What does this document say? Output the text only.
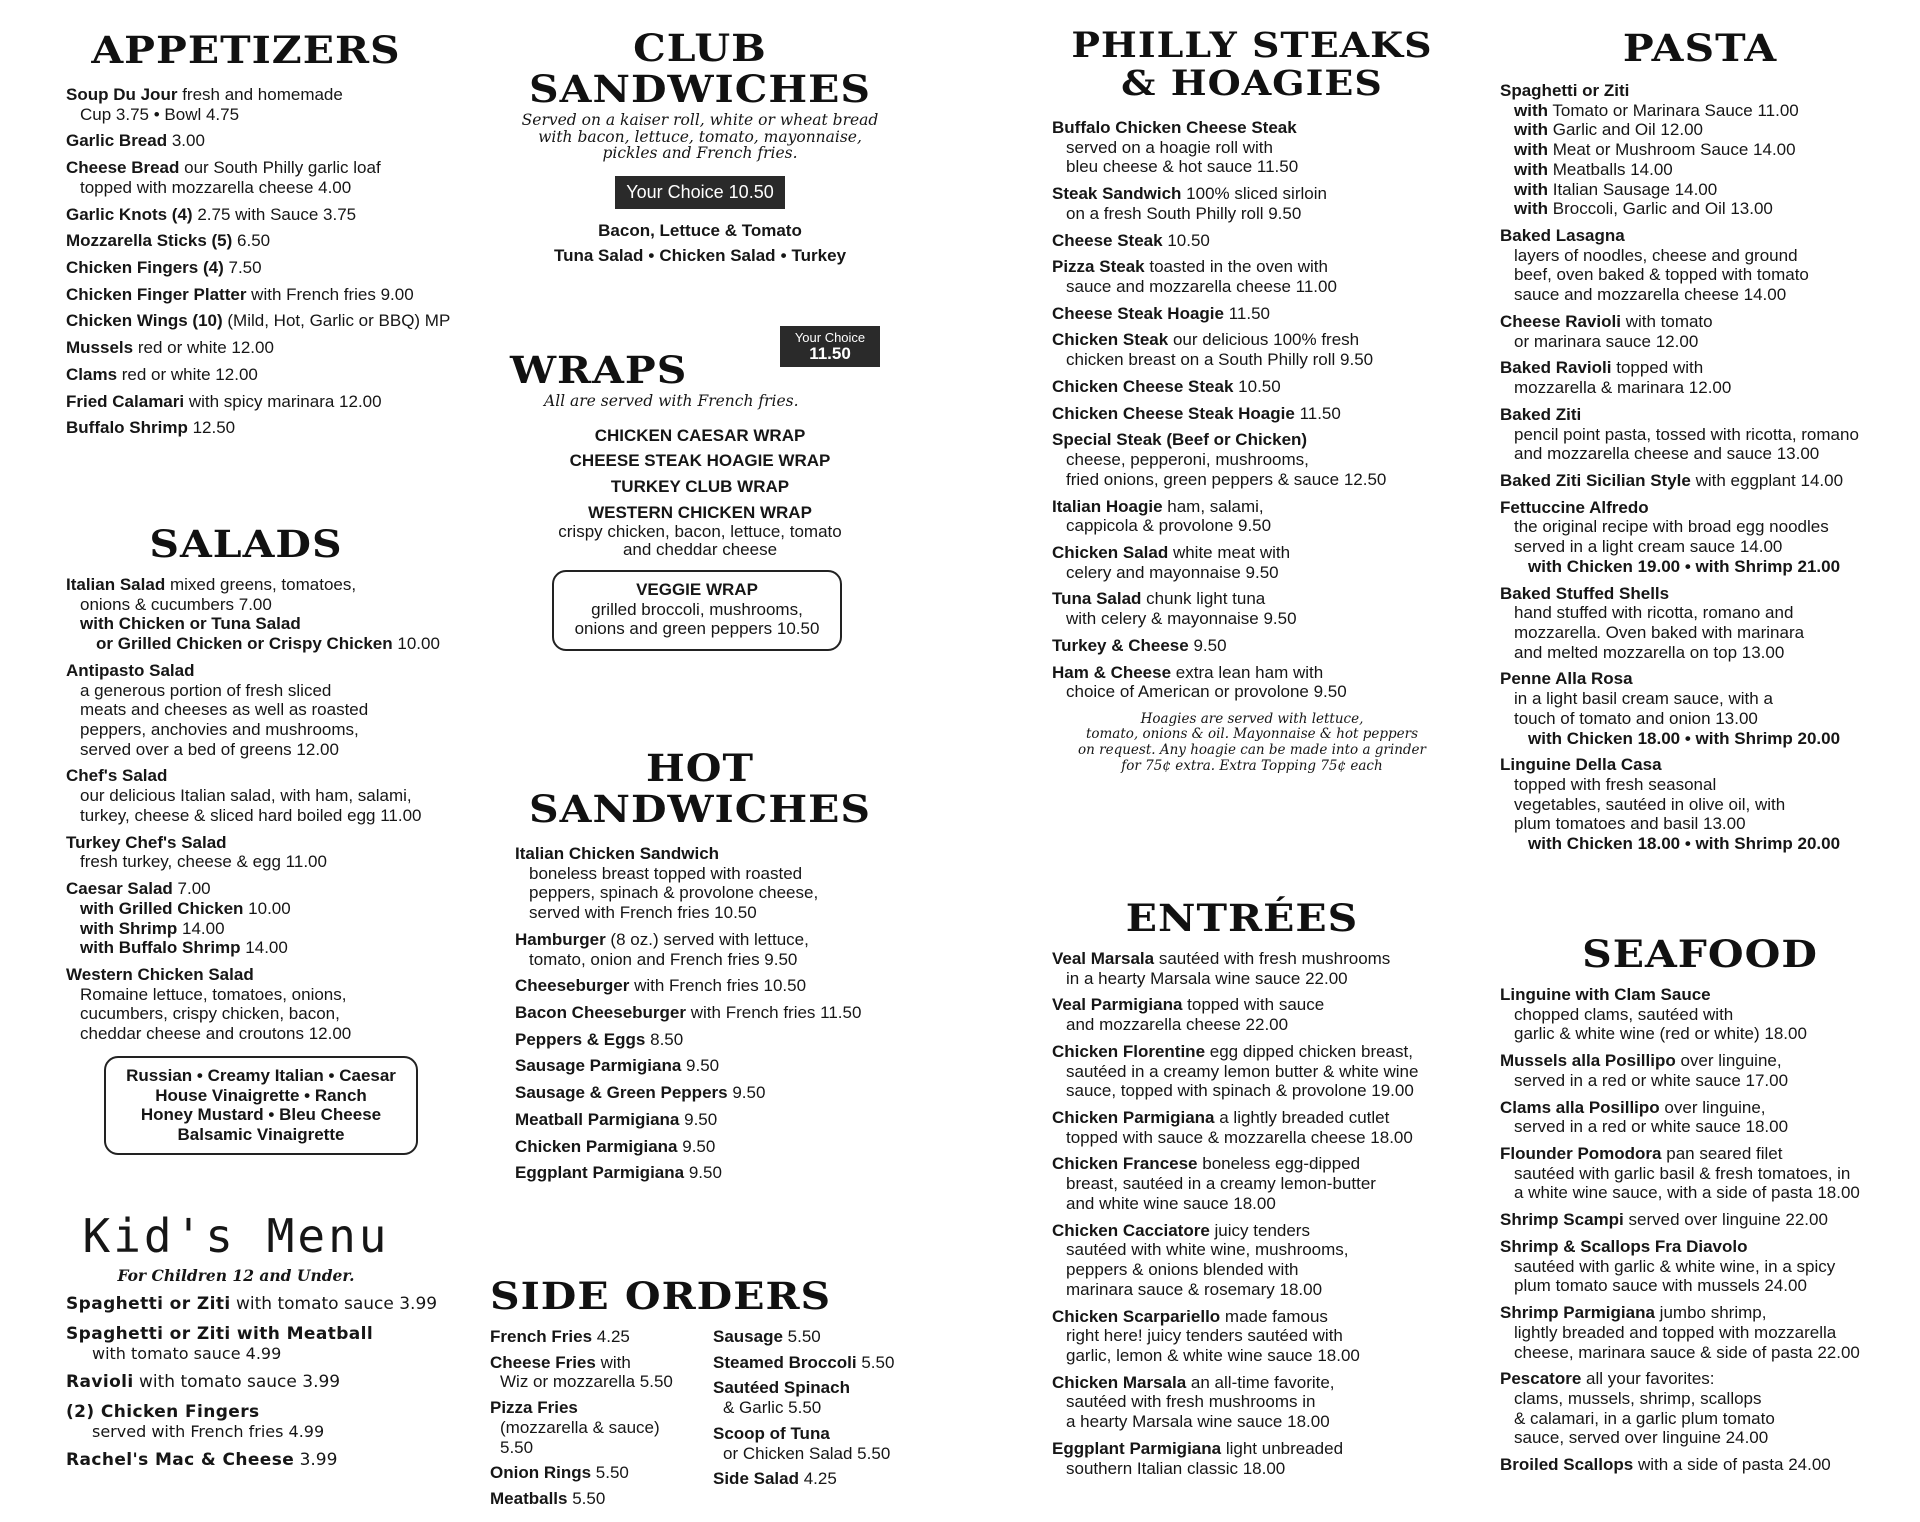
APPETIZERS
Soup Du Jour fresh and homemade
Cup 3.75 • Bowl 4.75
Garlic Bread 3.00
Cheese Bread our South Philly garlic loaf
topped with mozzarella cheese 4.00
Garlic Knots (4) 2.75 with Sauce 3.75
Mozzarella Sticks (5) 6.50
Chicken Fingers (4) 7.50
Chicken Finger Platter with French fries 9.00
Chicken Wings (10) (Mild, Hot, Garlic or BBQ) MP
Mussels red or white 12.00
Clams red or white 12.00
Fried Calamari with spicy marinara 12.00
Buffalo Shrimp 12.50
SALADS
Italian Salad mixed greens, tomatoes,
onions & cucumbers 7.00
with Chicken or Tuna Salad
or Grilled Chicken or Crispy Chicken 10.00
Antipasto Salad
a generous portion of fresh sliced
meats and cheeses as well as roasted
peppers, anchovies and mushrooms,
served over a bed of greens 12.00
Chef's Salad
our delicious Italian salad, with ham, salami,
turkey, cheese & sliced hard boiled egg 11.00
Turkey Chef's Salad
fresh turkey, cheese & egg 11.00
Caesar Salad 7.00
with Grilled Chicken 10.00
with Shrimp 14.00
with Buffalo Shrimp 14.00
Western Chicken Salad
Romaine lettuce, tomatoes, onions,
cucumbers, crispy chicken, bacon,
cheddar cheese and croutons 12.00
Russian • Creamy Italian • Caesar
House Vinaigrette • Ranch
Honey Mustard • Bleu Cheese
Balsamic Vinaigrette
Kid's Menu
For Children 12 and Under.
Spaghetti or Ziti with tomato sauce 3.99
Spaghetti or Ziti with Meatball
with tomato sauce 4.99
Ravioli with tomato sauce 3.99
(2) Chicken Fingers
served with French fries 4.99
Rachel's Mac & Cheese 3.99
CLUB
SANDWICHES
Served on a kaiser roll, white or wheat bread
with bacon, lettuce, tomato, mayonnaise,
pickles and French fries.
Your Choice 10.50
Bacon, Lettuce & Tomato
Tuna Salad • Chicken Salad • Turkey
WRAPS
Your Choice
11.50
All are served with French fries.
CHICKEN CAESAR WRAP
CHEESE STEAK HOAGIE WRAP
TURKEY CLUB WRAP
WESTERN CHICKEN WRAP
crispy chicken, bacon, lettuce, tomato
and cheddar cheese
VEGGIE WRAP
grilled broccoli, mushrooms,
onions and green peppers 10.50
HOT
SANDWICHES
Italian Chicken Sandwich
boneless breast topped with roasted
peppers, spinach & provolone cheese,
served with French fries 10.50
Hamburger (8 oz.) served with lettuce,
tomato, onion and French fries 9.50
Cheeseburger with French fries 10.50
Bacon Cheeseburger with French fries 11.50
Peppers & Eggs 8.50
Sausage Parmigiana 9.50
Sausage & Green Peppers 9.50
Meatball Parmigiana 9.50
Chicken Parmigiana 9.50
Eggplant Parmigiana 9.50
SIDE ORDERS
French Fries 4.25
Cheese Fries with
Wiz or mozzarella 5.50
Pizza Fries
(mozzarella & sauce) 5.50
Onion Rings 5.50
Meatballs 5.50
Sausage 5.50
Steamed Broccoli 5.50
Sautéed Spinach
& Garlic 5.50
Scoop of Tuna
or Chicken Salad 5.50
Side Salad 4.25
PHILLY STEAKS
& HOAGIES
Buffalo Chicken Cheese Steak
served on a hoagie roll with
bleu cheese & hot sauce 11.50
Steak Sandwich 100% sliced sirloin
on a fresh South Philly roll 9.50
Cheese Steak 10.50
Pizza Steak toasted in the oven with
sauce and mozzarella cheese 11.00
Cheese Steak Hoagie 11.50
Chicken Steak our delicious 100% fresh
chicken breast on a South Philly roll 9.50
Chicken Cheese Steak 10.50
Chicken Cheese Steak Hoagie 11.50
Special Steak (Beef or Chicken)
cheese, pepperoni, mushrooms,
fried onions, green peppers & sauce 12.50
Italian Hoagie ham, salami,
cappicola & provolone 9.50
Chicken Salad white meat with
celery and mayonnaise 9.50
Tuna Salad chunk light tuna
with celery & mayonnaise 9.50
Turkey & Cheese 9.50
Ham & Cheese extra lean ham with
choice of American or provolone 9.50
Hoagies are served with lettuce,
tomato, onions & oil. Mayonnaise & hot peppers
on request. Any hoagie can be made into a grinder
for 75¢ extra. Extra Topping 75¢ each
ENTRÉES
Veal Marsala sautéed with fresh mushrooms
in a hearty Marsala wine sauce 22.00
Veal Parmigiana topped with sauce
and mozzarella cheese 22.00
Chicken Florentine egg dipped chicken breast,
sautéed in a creamy lemon butter & white wine
sauce, topped with spinach & provolone 19.00
Chicken Parmigiana a lightly breaded cutlet
topped with sauce & mozzarella cheese 18.00
Chicken Francese boneless egg-dipped
breast, sautéed in a creamy lemon-butter
and white wine sauce 18.00
Chicken Cacciatore juicy tenders
sautéed with white wine, mushrooms,
peppers & onions blended with
marinara sauce & rosemary 18.00
Chicken Scarpariello made famous
right here! juicy tenders sautéed with
garlic, lemon & white wine sauce 18.00
Chicken Marsala an all-time favorite,
sautéed with fresh mushrooms in
a hearty Marsala wine sauce 18.00
Eggplant Parmigiana light unbreaded
southern Italian classic 18.00
PASTA
Spaghetti or Ziti
with Tomato or Marinara Sauce 11.00
with Garlic and Oil 12.00
with Meat or Mushroom Sauce 14.00
with Meatballs 14.00
with Italian Sausage 14.00
with Broccoli, Garlic and Oil 13.00
Baked Lasagna
layers of noodles, cheese and ground
beef, oven baked & topped with tomato
sauce and mozzarella cheese 14.00
Cheese Ravioli with tomato
or marinara sauce 12.00
Baked Ravioli topped with
mozzarella & marinara 12.00
Baked Ziti
pencil point pasta, tossed with ricotta, romano
and mozzarella cheese and sauce 13.00
Baked Ziti Sicilian Style with eggplant 14.00
Fettuccine Alfredo
the original recipe with broad egg noodles
served in a light cream sauce 14.00
with Chicken 19.00 • with Shrimp 21.00
Baked Stuffed Shells
hand stuffed with ricotta, romano and
mozzarella. Oven baked with marinara
and melted mozzarella on top 13.00
Penne Alla Rosa
in a light basil cream sauce, with a
touch of tomato and onion 13.00
with Chicken 18.00 • with Shrimp 20.00
Linguine Della Casa
topped with fresh seasonal
vegetables, sautéed in olive oil, with
plum tomatoes and basil 13.00
with Chicken 18.00 • with Shrimp 20.00
SEAFOOD
Linguine with Clam Sauce
chopped clams, sautéed with
garlic & white wine (red or white) 18.00
Mussels alla Posillipo over linguine,
served in a red or white sauce 17.00
Clams alla Posillipo over linguine,
served in a red or white sauce 18.00
Flounder Pomodora pan seared filet
sautéed with garlic basil & fresh tomatoes, in
a white wine sauce, with a side of pasta 18.00
Shrimp Scampi served over linguine 22.00
Shrimp & Scallops Fra Diavolo
sautéed with garlic & white wine, in a spicy
plum tomato sauce with mussels 24.00
Shrimp Parmigiana jumbo shrimp,
lightly breaded and topped with mozzarella
cheese, marinara sauce & side of pasta 22.00
Pescatore all your favorites:
clams, mussels, shrimp, scallops
& calamari, in a garlic plum tomato
sauce, served over linguine 24.00
Broiled Scallops with a side of pasta 24.00
